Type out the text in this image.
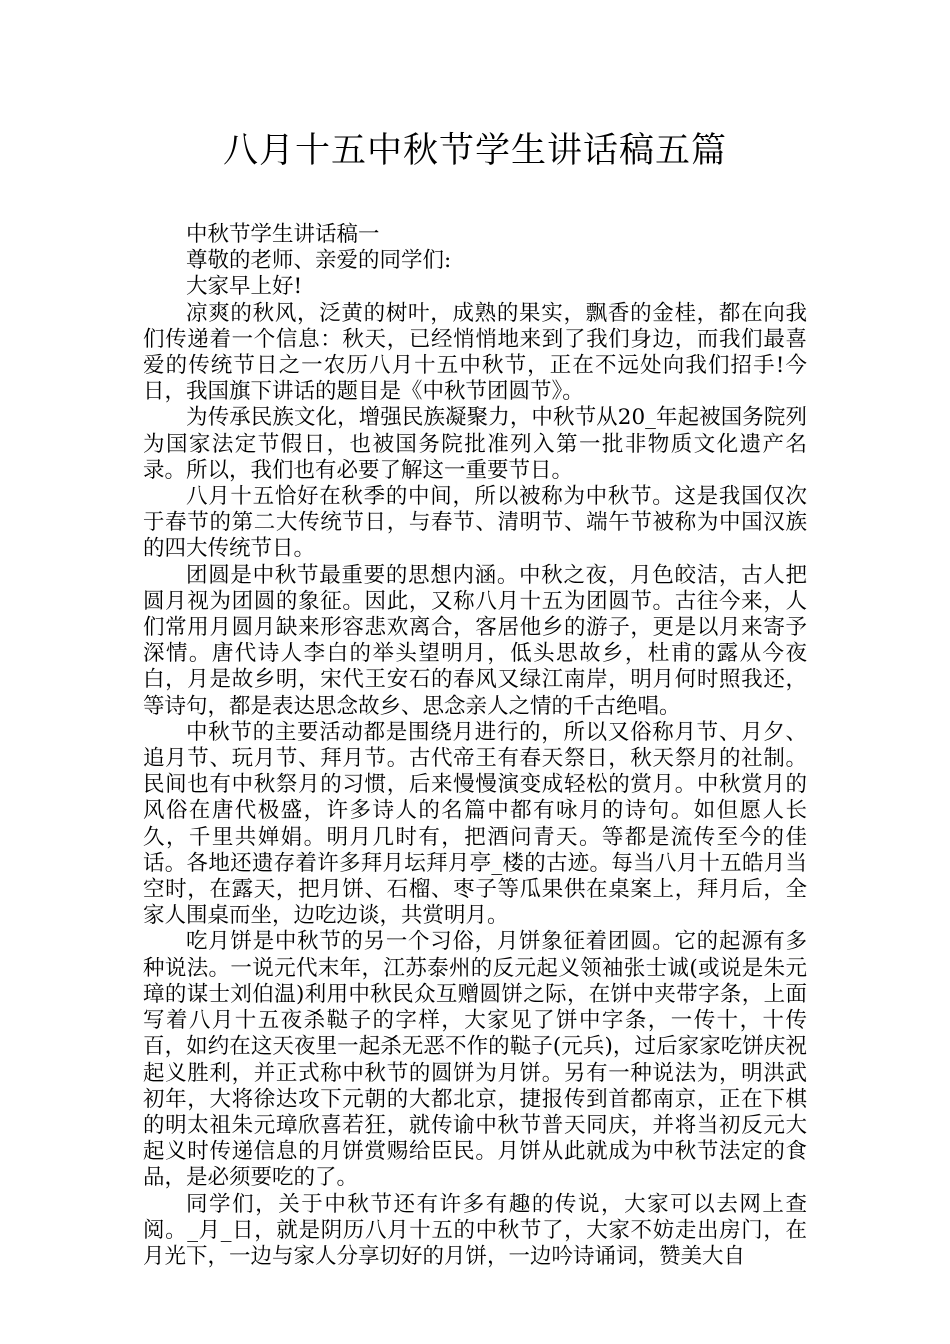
八月十五中秋节学生讲话稿五篇

中秋节学生讲话稿一

尊敬的老师、亲爱的同学们:

大家早上好!

凉爽的秋风，泛黄的树叶，成熟的果实，飘香的金桂，都在向我们传递着一个信息：秋天，已经悄悄地来到了我们身边，而我们最喜爱的传统节日之一农历八月十五中秋节，正在不远处向我们招手!今日，我国旗下讲话的题目是《中秋节团圆节》。

为传承民族文化，增强民族凝聚力，中秋节从20_年起被国务院列为国家法定节假日，也被国务院批准列入第一批非物质文化遗产名录。所以，我们也有必要了解这一重要节日。

八月十五恰好在秋季的中间，所以被称为中秋节。这是我国仅次于春节的第二大传统节日，与春节、清明节、端午节被称为中国汉族的四大传统节日。

团圆是中秋节最重要的思想内涵。中秋之夜，月色皎洁，古人把圆月视为团圆的象征。因此，又称八月十五为团圆节。古往今来，人们常用月圆月缺来形容悲欢离合，客居他乡的游子，更是以月来寄予深情。唐代诗人李白的举头望明月，低头思故乡，杜甫的露从今夜白，月是故乡明，宋代王安石的春风又绿江南岸，明月何时照我还，等诗句，都是表达思念故乡、思念亲人之情的千古绝唱。

中秋节的主要活动都是围绕月进行的，所以又俗称月节、月夕、追月节、玩月节、拜月节。古代帝王有春天祭日，秋天祭月的社制。民间也有中秋祭月的习惯，后来慢慢演变成轻松的赏月。中秋赏月的风俗在唐代极盛，许多诗人的名篇中都有咏月的诗句。如但愿人长久，千里共婵娟。明月几时有，把酒问青天。等都是流传至今的佳话。各地还遗存着许多拜月坛拜月亭_楼的古迹。每当八月十五皓月当空时，在露天，把月饼、石榴、枣子等瓜果供在桌案上，拜月后，全家人围桌而坐，边吃边谈，共赏明月。

吃月饼是中秋节的另一个习俗，月饼象征着团圆。它的起源有多种说法。一说元代末年，江苏泰州的反元起义领袖张士诚(或说是朱元璋的谋士刘伯温)利用中秋民众互赠圆饼之际，在饼中夹带字条，上面写着八月十五夜杀鞑子的字样，大家见了饼中字条，一传十，十传百，如约在这天夜里一起杀无恶不作的鞑子(元兵)，过后家家吃饼庆祝起义胜利，并正式称中秋节的圆饼为月饼。另有一种说法为，明洪武初年，大将徐达攻下元朝的大都北京，捷报传到首都南京，正在下棋的明太祖朱元璋欣喜若狂，就传谕中秋节普天同庆，并将当初反元大起义时传递信息的月饼赏赐给臣民。月饼从此就成为中秋节法定的食品，是必须要吃的了。

同学们，关于中秋节还有许多有趣的传说，大家可以去网上查阅。_月_日，就是阴历八月十五的中秋节了，大家不妨走出房门，在月光下，一边与家人分享切好的月饼，一边吟诗诵词，赞美大自
